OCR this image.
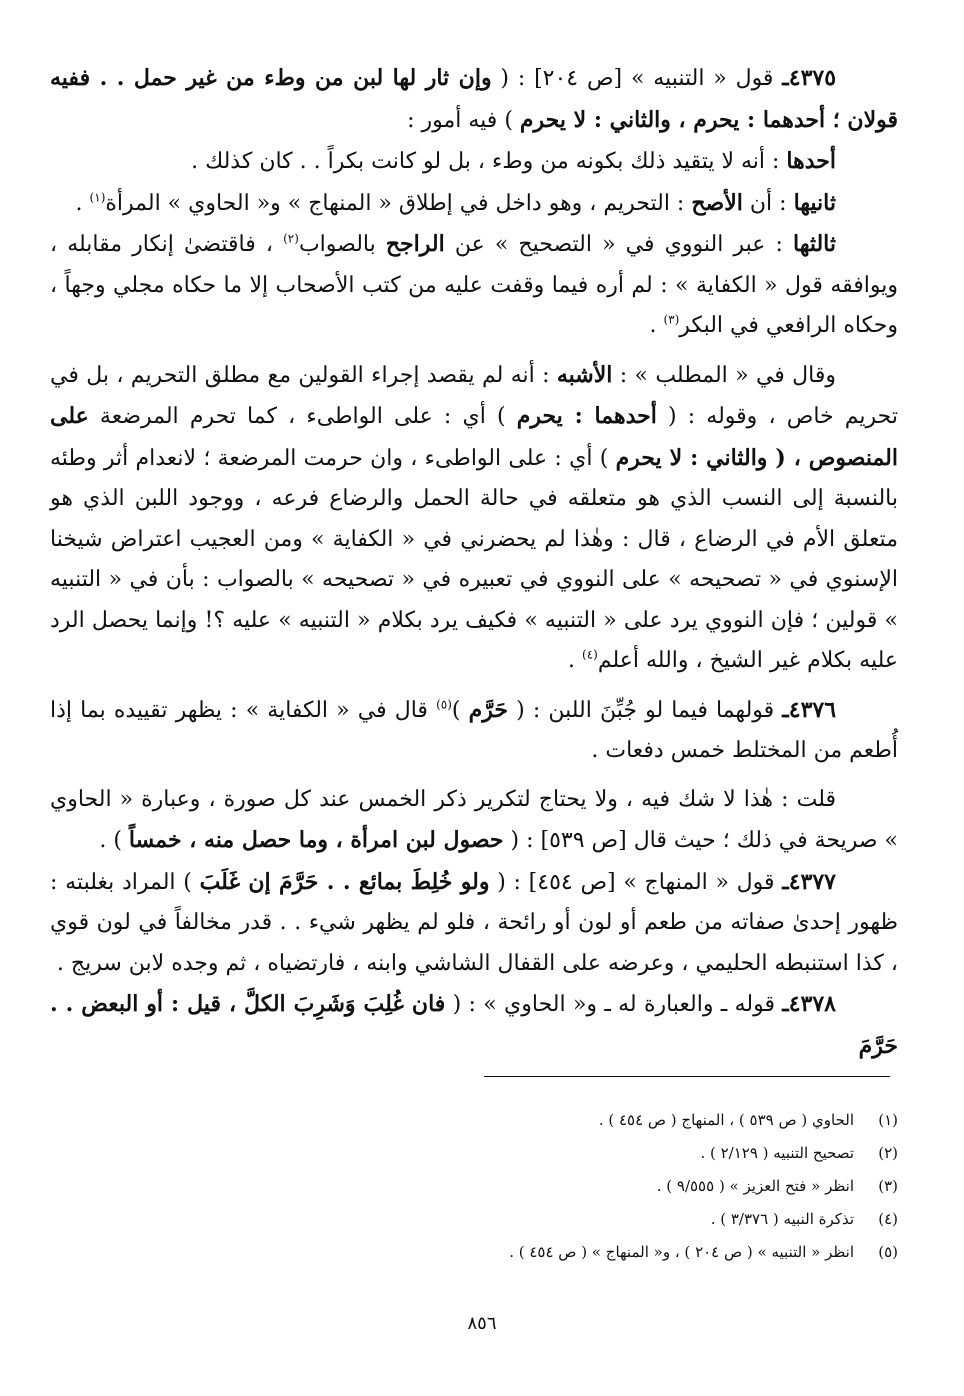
٤٣٧٥ـ قول « التنبيه » [ص ٢٠٤] : ( وإن ثار لها لبن من وطء من غير حمل . . ففيه قولان ؛ أحدهما : يحرم ، والثاني : لا يحرم ) فيه أمور :

أحدها : أنه لا يتقيد ذلك بكونه من وطء ، بل لو كانت بكراً . . كان كذلك .

ثانيها : أن الأصح : التحريم ، وهو داخل في إطلاق « المنهاج » و« الحاوي » المرأة$^{(١)}$ .

ثالثها : عبر النووي في « التصحيح » عن الراجح بالصواب$^{(٢)}$ ، فاقتضىٰ إنكار مقابله ، ويوافقه قول « الكفاية » : لم أره فيما وقفت عليه من كتب الأصحاب إلا ما حكاه مجلي وجهاً ، وحكاه الرافعي في البكر$^{(٣)}$ .

وقال في « المطلب » : الأشبه : أنه لم يقصد إجراء القولين مع مطلق التحريم ، بل في تحريم خاص ، وقوله : ( أحدهما : يحرم ) أي : على الواطىء ، كما تحرم المرضعة على المنصوص ، ( والثاني : لا يحرم ) أي : على الواطىء ، وان حرمت المرضعة ؛ لانعدام أثر وطئه بالنسبة إلى النسب الذي هو متعلقه في حالة الحمل والرضاع فرعه ، ووجود اللبن الذي هو متعلق الأم في الرضاع ، قال : وهٰذا لم يحضرني في « الكفاية » ومن العجيب اعتراض شيخنا الإسنوي في « تصحيحه » على النووي في تعبيره في « تصحيحه » بالصواب : بأن في « التنبيه » قولين ؛ فإن النووي يرد على « التنبيه » فكيف يرد بكلام « التنبيه » عليه ؟! وإنما يحصل الرد عليه بكلام غير الشيخ ، والله أعلم$^{(٤)}$ .

٤٣٧٦ـ قولهما فيما لو جُبِّنَ اللبن : ( حَرَّم )$^{(٥)}$ قال في « الكفاية » : يظهر تقييده بما إذا أُطعم من المختلط خمس دفعات .

قلت : هٰذا لا شك فيه ، ولا يحتاج لتكرير ذكر الخمس عند كل صورة ، وعبارة « الحاوي » صريحة في ذلك ؛ حيث قال [ص ٥٣٩] : ( حصول لبن امرأة ، وما حصل منه ، خمساً ) .

٤٣٧٧ـ قول « المنهاج » [ص ٤٥٤] : ( ولو خُلِطَ بمائع . . حَرَّمَ إن غَلَبَ ) المراد بغلبته : ظهور إحدىٰ صفاته من طعم أو لون أو رائحة ، فلو لم يظهر شيء . . قدر مخالفاً في لون قوي ، كذا استنبطه الحليمي ، وعرضه على القفال الشاشي وابنه ، فارتضياه ، ثم وجده لابن سريج .

٤٣٧٨ـ قوله ـ والعبارة له ـ و« الحاوي » : ( فان غُلِبَ وَشَرِبَ الكلَّ ، قيل : أو البعض . . حَرَّمَ

(١)الحاوي ( ص ٥٣٩ ) ، المنهاج ( ص ٤٥٤ ) .
(٢)تصحيح التنبيه ( ٢/١٢٩ ) .
(٣)انظر « فتح العزيز » ( ٩/٥٥٥ ) .
(٤)تذكرة النبيه ( ٣/٣٧٦ ) .
(٥)انظر « التنبيه » ( ص ٢٠٤ ) ، و« المنهاج » ( ص ٤٥٤ ) .
٨٥٦
